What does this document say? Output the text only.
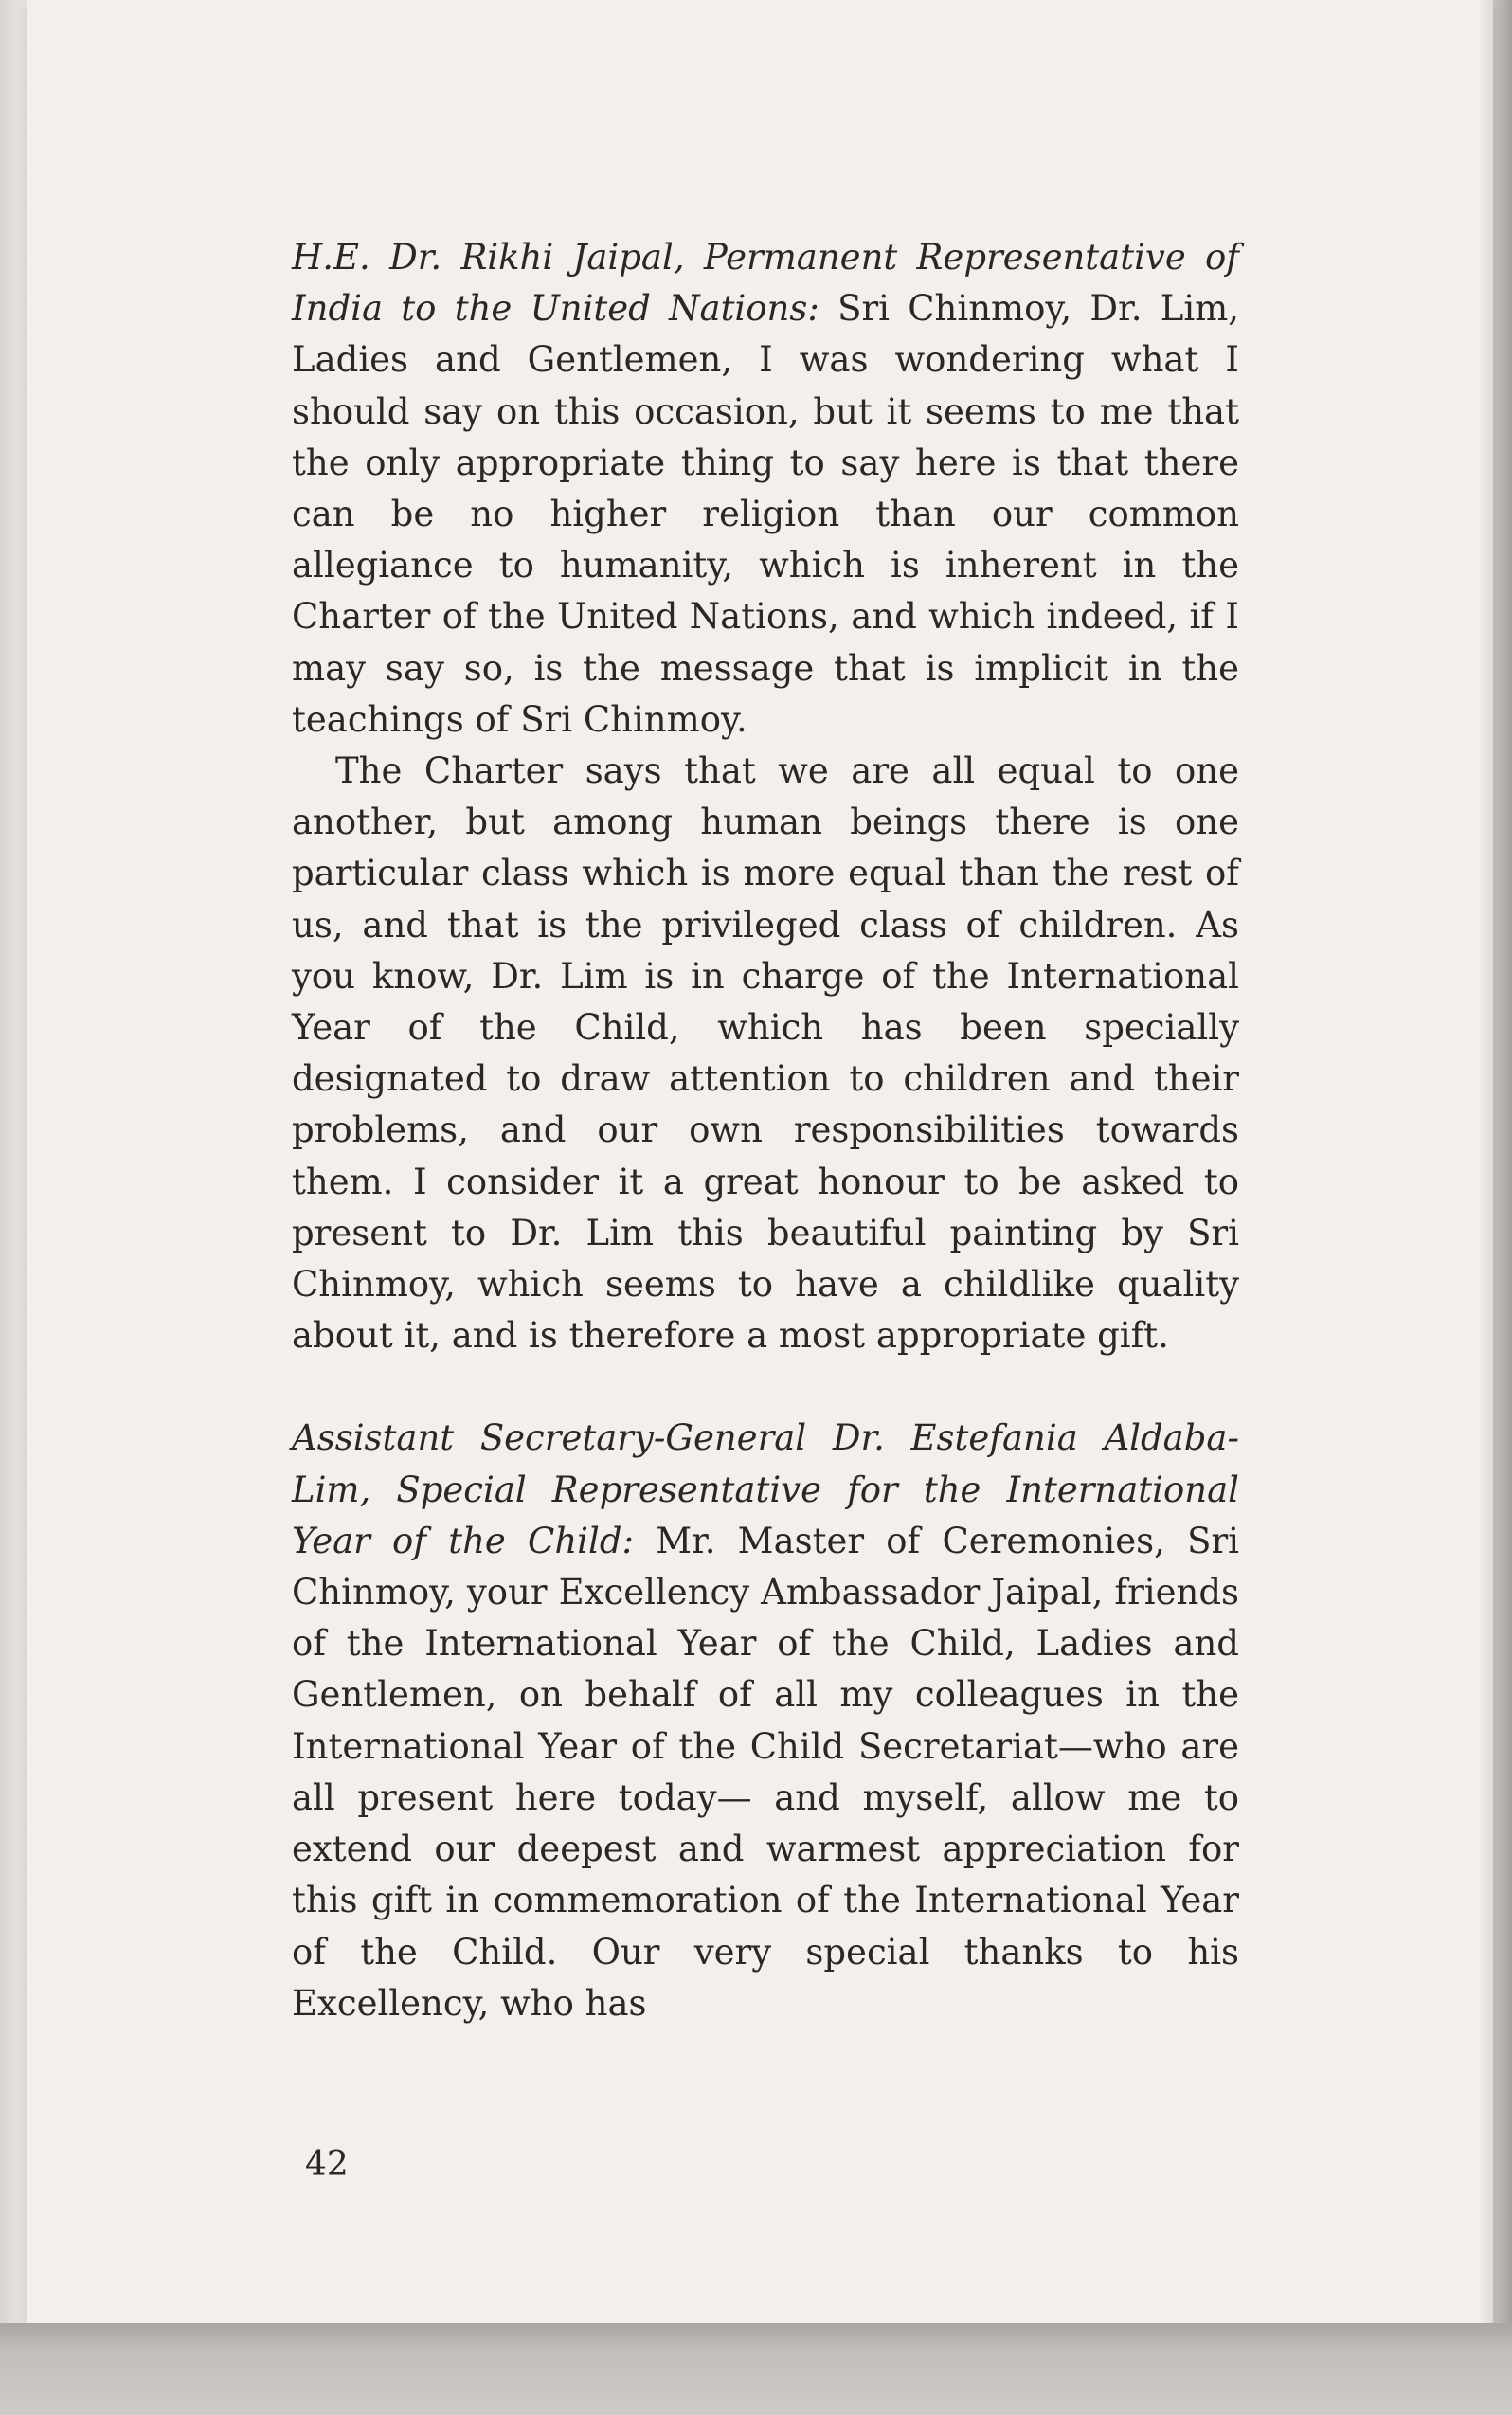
H.E. Dr. Rikhi Jaipal, Permanent Representative of India to the United Nations: Sri Chinmoy, Dr. Lim, Ladies and Gentlemen, I was wondering what I should say on this occasion, but it seems to me that the only appropriate thing to say here is that there can be no higher religion than our common allegiance to humanity, which is inherent in the Charter of the United Nations, and which indeed, if I may say so, is the message that is implicit in the teachings of Sri Chinmoy.

The Charter says that we are all equal to one another, but among human beings there is one particular class which is more equal than the rest of us, and that is the privileged class of children. As you know, Dr. Lim is in charge of the International Year of the Child, which has been specially designated to draw attention to children and their problems, and our own responsibilities towards them. I consider it a great honour to be asked to present to Dr. Lim this beautiful painting by Sri Chinmoy, which seems to have a childlike quality about it, and is therefore a most appropriate gift.

Assistant Secretary-General Dr. Estefania Aldaba-Lim, Special Representative for the International Year of the Child: Mr. Master of Ceremonies, Sri Chinmoy, your Excellency Ambassador Jaipal, friends of the International Year of the Child, Ladies and Gentlemen, on behalf of all my colleagues in the International Year of the Child Secretariat—who are all present here today— and myself, allow me to extend our deepest and warmest appreciation for this gift in commemoration of the International Year of the Child. Our very special thanks to his Excellency, who has

42
